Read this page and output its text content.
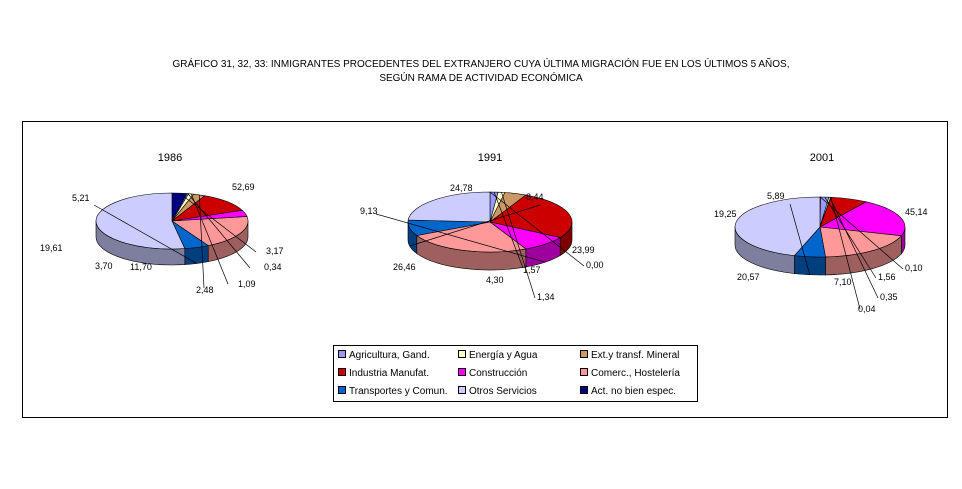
GRÁFICO 31, 32, 33: INMIGRANTES PROCEDENTES DEL EXTRANJERO CUYA ÚLTIMA MIGRACIÓN FUE EN LOS ÚLTIMOS 5 AÑOS,
SEGÚN RAMA DE ACTIVIDAD ECONÓMICA
1986
3,17
0,34
1,09
2,48
11,70
3,70
19,61
5,21
52,69
1991
0,00
1,57
1,34
4,30
26,46
9,13
24,78
8,44
23,99
2001
0,10
1,56
0,35
0,04
7,10
20,57
19,25
5,89
45,14
Agricultura, Gand.	Energía y Agua	Ext.y transf. Mineral
Industria Manufat.	Construcción	Comerc., Hostelería
Transportes y Comun.	Otros Servicios	Act. no bien espec.
